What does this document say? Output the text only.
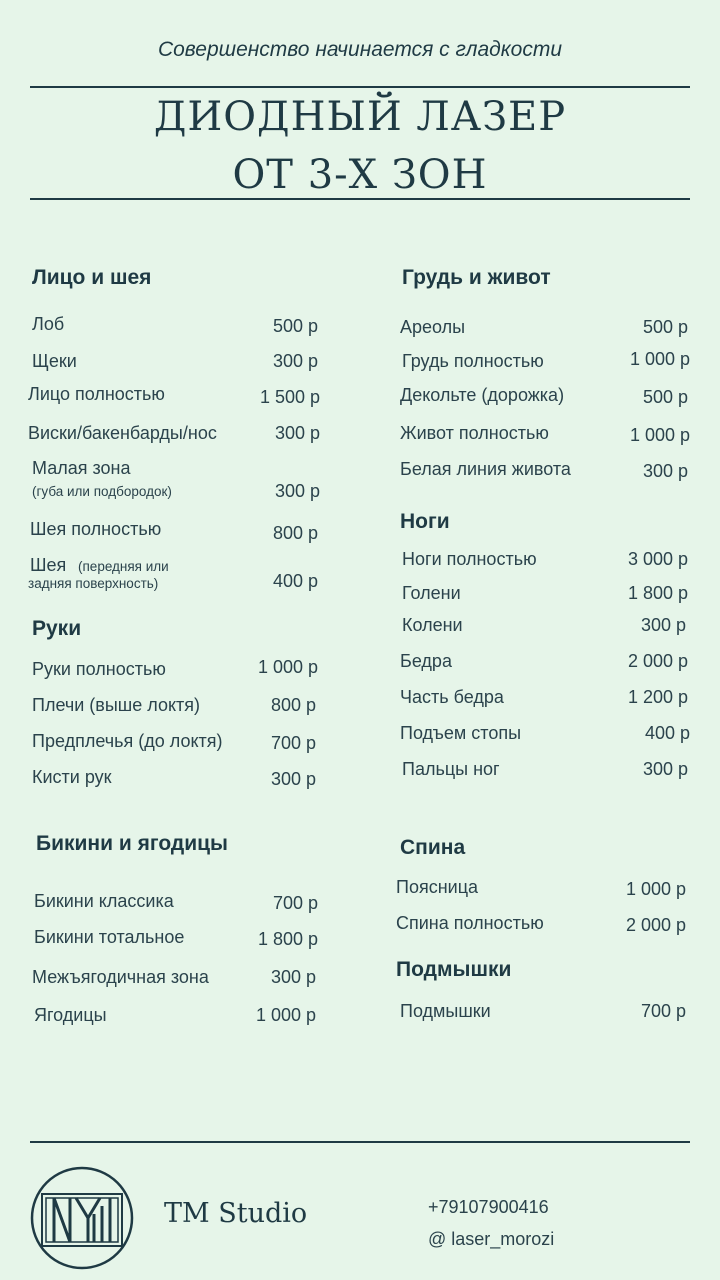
Совершенство начинается с гладкости
ДИОДНЫЙ ЛАЗЕР
ОТ 3-Х ЗОН
Лицо и шея
Лоб	500 р
Щеки	300 р
Лицо полностью	1 500 р
Виски/бакенбарды/нос	300 р
Малая зона
(губа или подбородок)	300 р
Шея полностью	800 р
Шея (передняя или
задняя поверхность)	400 р
Руки
Руки полностью	1 000 р
Плечи (выше локтя)	800 р
Предплечья (до локтя)	700 р
Кисти рук	300 р
Бикини и ягодицы
Бикини классика	700 р
Бикини тотальное	1 800 р
Межъягодичная зона	300 р
Ягодицы	1 000 р
Грудь и живот
Ареолы	500 р
Грудь полностью	1 000 р
Декольте (дорожка)	500 р
Живот полностью	1 000 р
Белая линия живота	300 р
Ноги
Ноги полностью	3 000 р
Голени	1 800 р
Колени	300 р
Бедра	2 000 р
Часть бедра	1 200 р
Подъем стопы	400 р
Пальцы ног	300 р
Спина
Поясница	1 000 р
Спина полностью	2 000 р
Подмышки
Подмышки	700 р
TM Studio	+79107900416
@ laser_morozi
